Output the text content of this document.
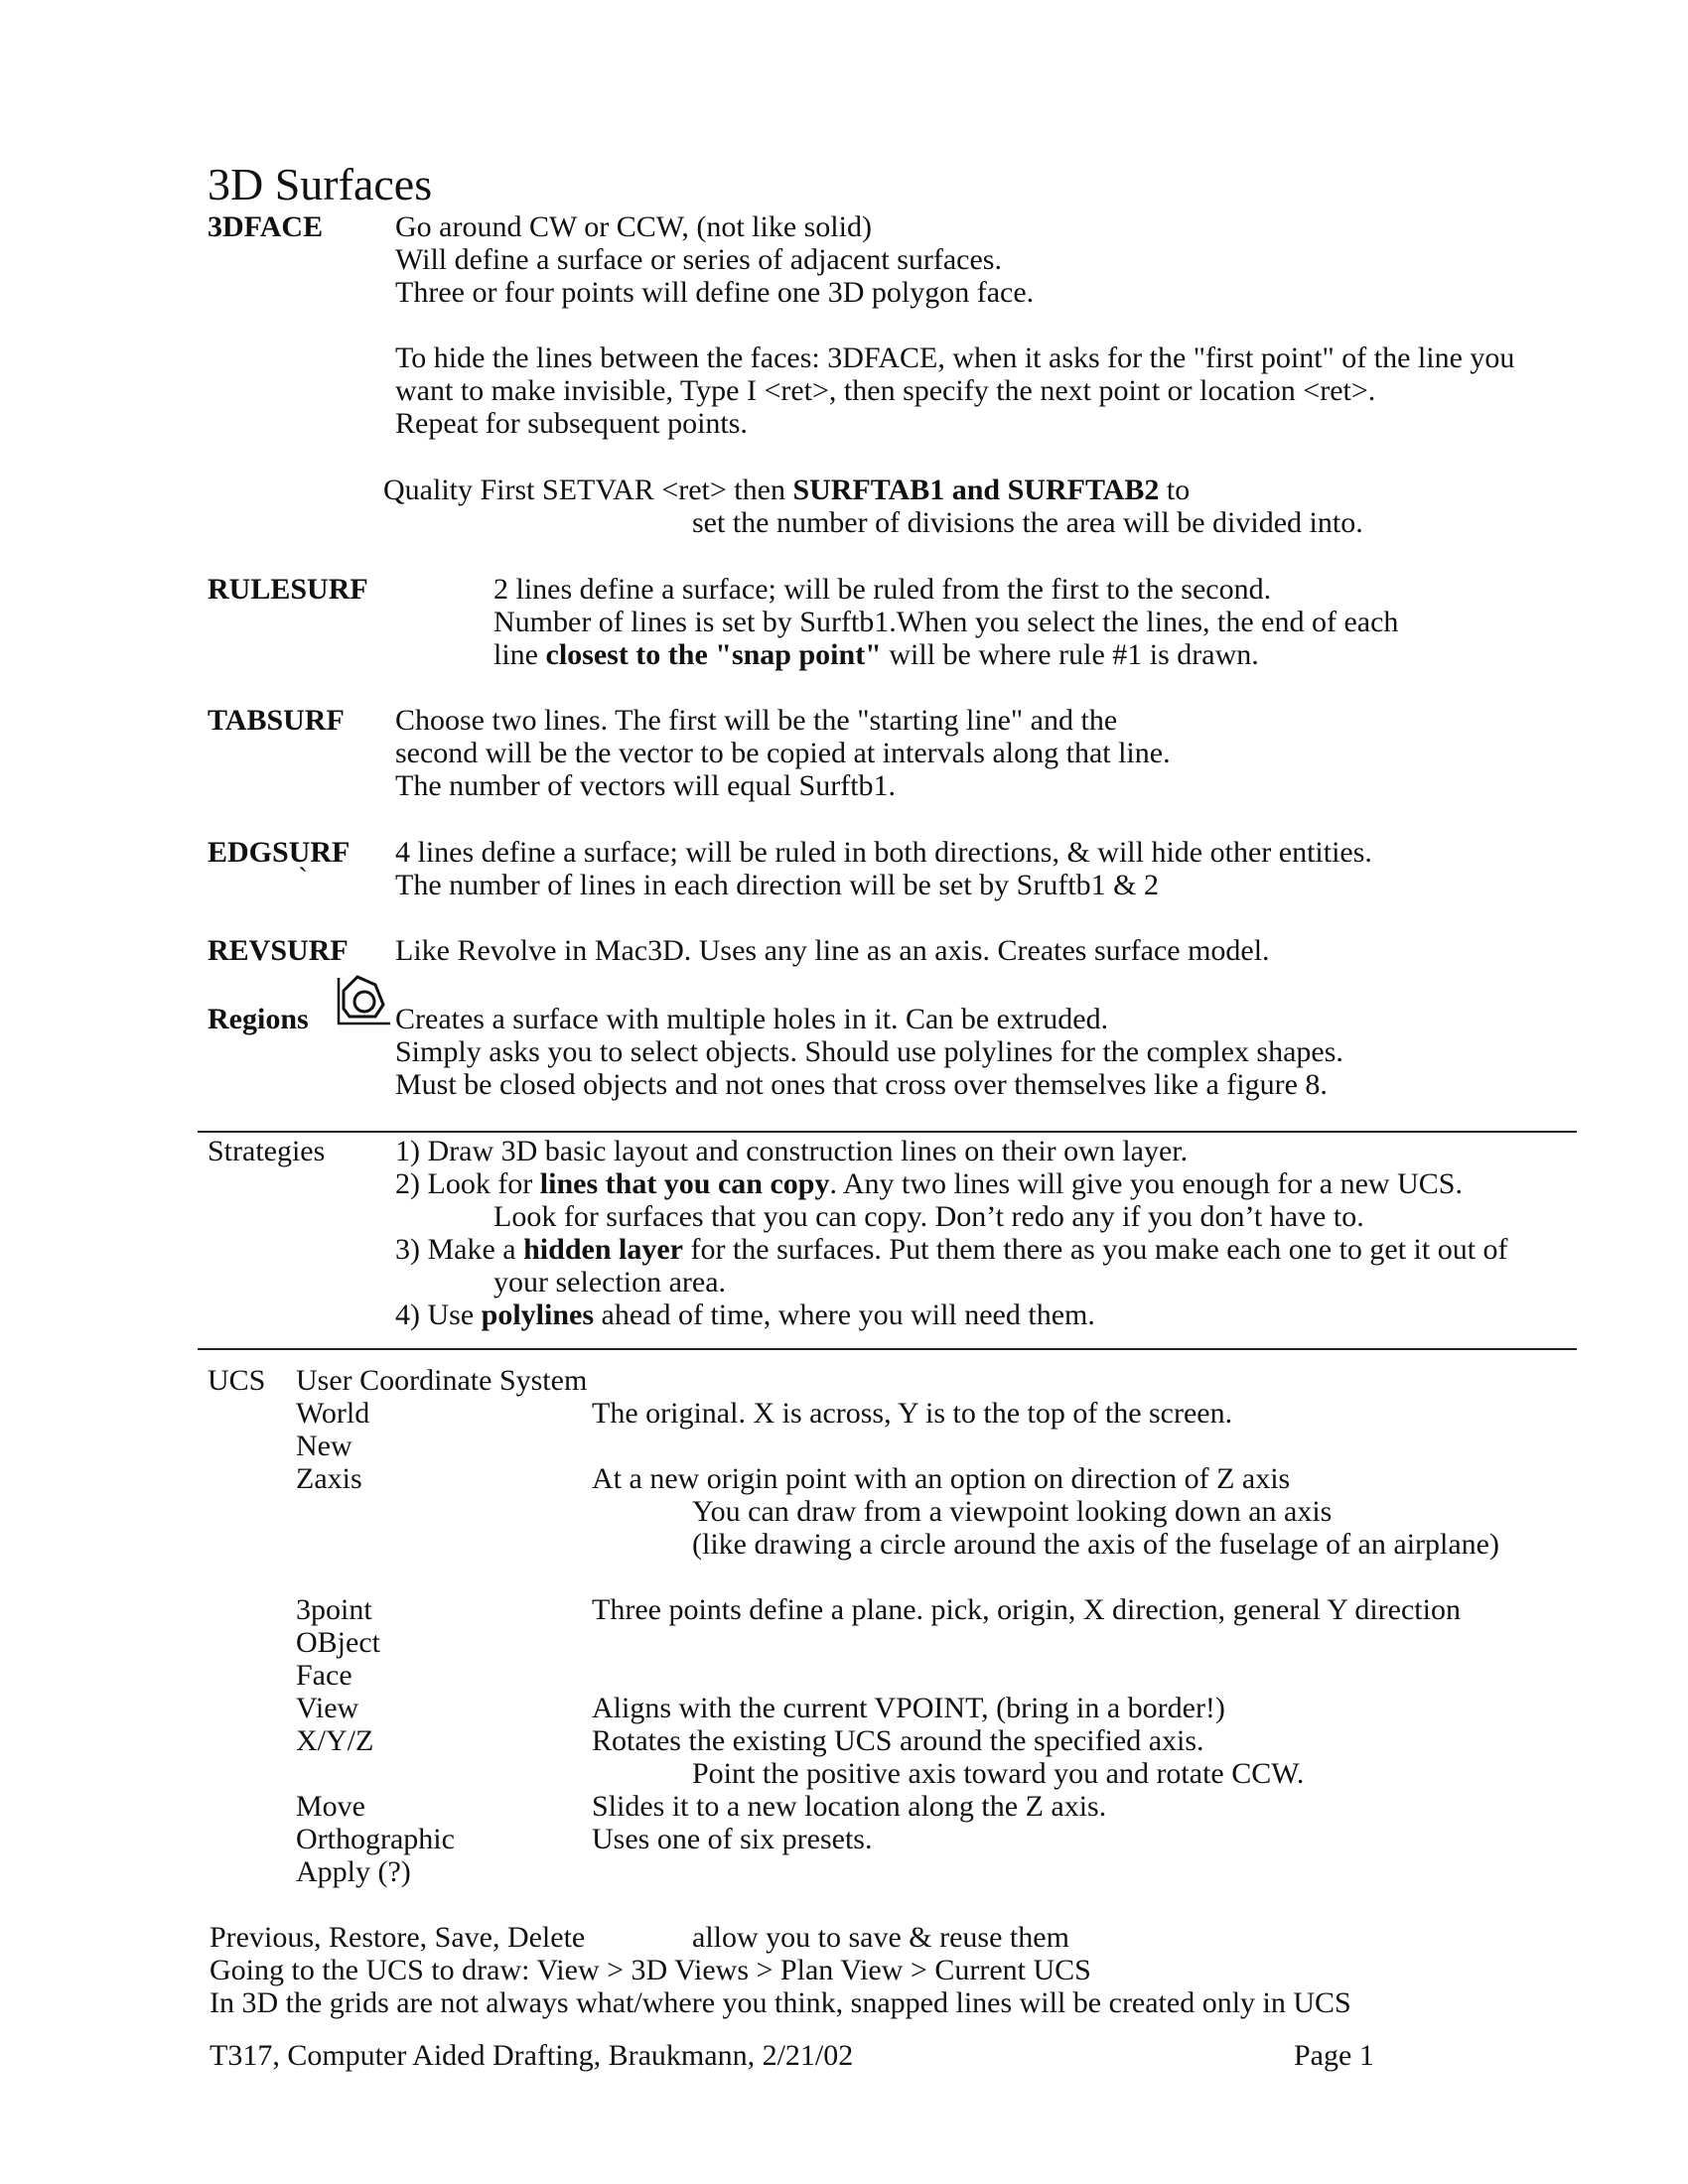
3D Surfaces
3DFACE Go around CW or CCW, (not like solid)
Will define a surface or series of adjacent surfaces.
Three or four points will define one 3D polygon face.
To hide the lines between the faces: 3DFACE, when it asks for the "first point" of the line you
want to make invisible, Type I <ret>, then specify the next point or location <ret>.
Repeat for subsequent points.
Quality First SETVAR <ret> then SURFTAB1 and SURFTAB2 to
set the number of divisions the area will be divided into.
RULESURF	2 lines define a surface; will be ruled from the first to the second.
Number of lines is set by Surftb1.When you select the lines, the end of each
line closest to the "snap point" will be where rule #1 is drawn.
TABSURF Choose two lines. The first will be the "starting line" and the
second will be the vector to be copied at intervals along that line.
The number of vectors will equal Surftb1.
EDGSURF 4 lines define a surface; will be ruled in both directions, & will hide other entities.
`	The number of lines in each direction will be set by Sruftb1 & 2
REVSURF Like Revolve in Mac3D. Uses any line as an axis. Creates surface model.
Regions	Creates a surface with multiple holes in it. Can be extruded.
Simply asks you to select objects. Should use polylines for the complex shapes.
Must be closed objects and not ones that cross over themselves like a figure 8.
Strategies 1) Draw 3D basic layout and construction lines on their own layer.
2) Look for lines that you can copy. Any two lines will give you enough for a new UCS.
Look for surfaces that you can copy. Don’t redo any if you don’t have to.
3) Make a hidden layer for the surfaces. Put them there as you make each one to get it out of
your selection area.
4) Use polylines ahead of time, where you will need them.
UCS User Coordinate System
World	The original. X is across, Y is to the top of the screen.
New
Zaxis	At a new origin point with an option on direction of Z axis
You can draw from a viewpoint looking down an axis
(like drawing a circle around the axis of the fuselage of an airplane)
3point	Three points define a plane. pick, origin, X direction, general Y direction
OBject
Face
View	Aligns with the current VPOINT, (bring in a border!)
X/Y/Z	Rotates the existing UCS around the specified axis.
Point the positive axis toward you and rotate CCW.
Move	Slides it to a new location along the Z axis.
Orthographic	Uses one of six presets.
Apply (?)
Previous, Restore, Save, Delete	allow you to save & reuse them
Going to the UCS to draw: View > 3D Views > Plan View > Current UCS
In 3D the grids are not always what/where you think, snapped lines will be created only in UCS
T317, Computer Aided Drafting, Braukmann, 2/21/02	Page 1
